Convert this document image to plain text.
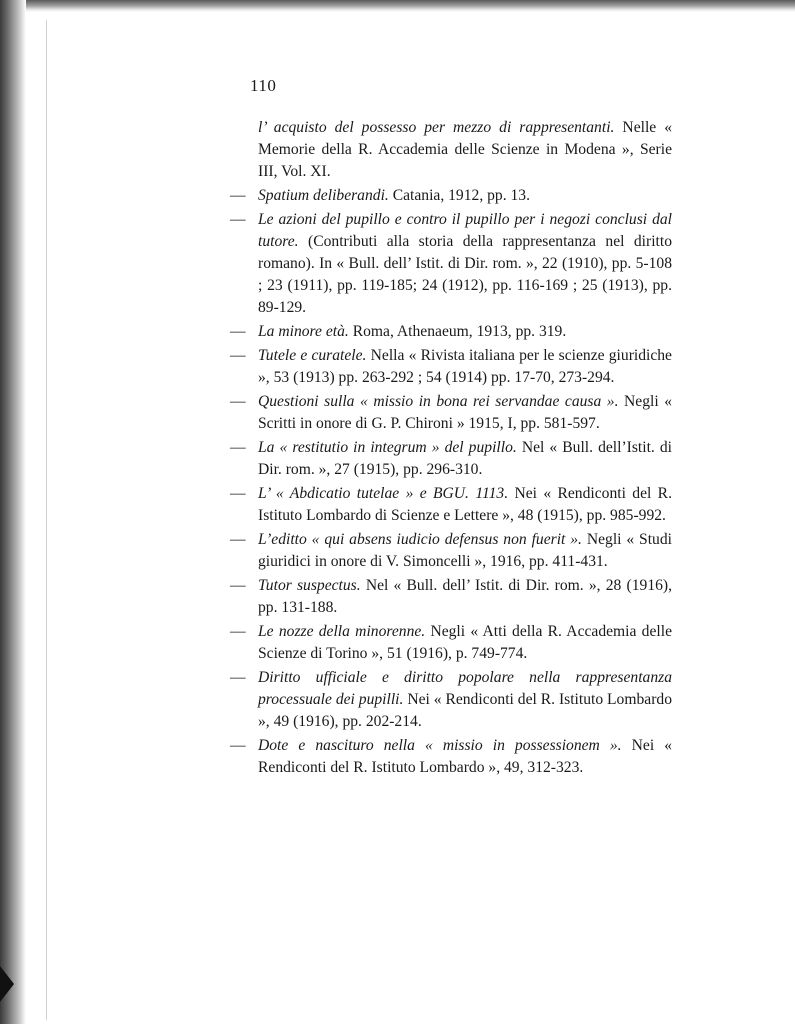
110
l’ acquisto del possesso per mezzo di rappresentanti. Nelle « Memorie della R. Accademia delle Scienze in Modena », Serie III, Vol. XI.
— Spatium deliberandi. Catania, 1912, pp. 13.
— Le azioni del pupillo e contro il pupillo per i negozi conclusi dal tutore. (Contributi alla storia della rappresentanza nel diritto romano). In « Bull. dell’ Istit. di Dir. rom. », 22 (1910), pp. 5-108 ; 23 (1911), pp. 119-185; 24 (1912), pp. 116-169 ; 25 (1913), pp. 89-129.
— La minore età. Roma, Athenaeum, 1913, pp. 319.
— Tutele e curatele. Nella « Rivista italiana per le scienze giuridiche », 53 (1913) pp. 263-292 ; 54 (1914) pp. 17-70, 273-294.
— Questioni sulla « missio in bona rei servandae causa ». Negli « Scritti in onore di G. P. Chironi » 1915, I, pp. 581-597.
— La « restitutio in integrum » del pupillo. Nel « Bull. dell’Istit. di Dir. rom. », 27 (1915), pp. 296-310.
— L’ « Abdicatio tutelae » e BGU. 1113. Nei « Rendiconti del R. Istituto Lombardo di Scienze e Lettere », 48 (1915), pp. 985-992.
— L’editto « qui absens iudicio defensus non fuerit ». Negli « Studi giuridici in onore di V. Simoncelli », 1916, pp. 411-431.
— Tutor suspectus. Nel « Bull. dell’ Istit. di Dir. rom. », 28 (1916), pp. 131-188.
— Le nozze della minorenne. Negli « Atti della R. Accademia delle Scienze di Torino », 51 (1916), p. 749-774.
— Diritto ufficiale e diritto popolare nella rappresentanza processuale dei pupilli. Nei « Rendiconti del R. Istituto Lombardo », 49 (1916), pp. 202-214.
— Dote e nascituro nella « missio in possessionem ». Nei « Rendiconti del R. Istituto Lombardo », 49, 312-323.
